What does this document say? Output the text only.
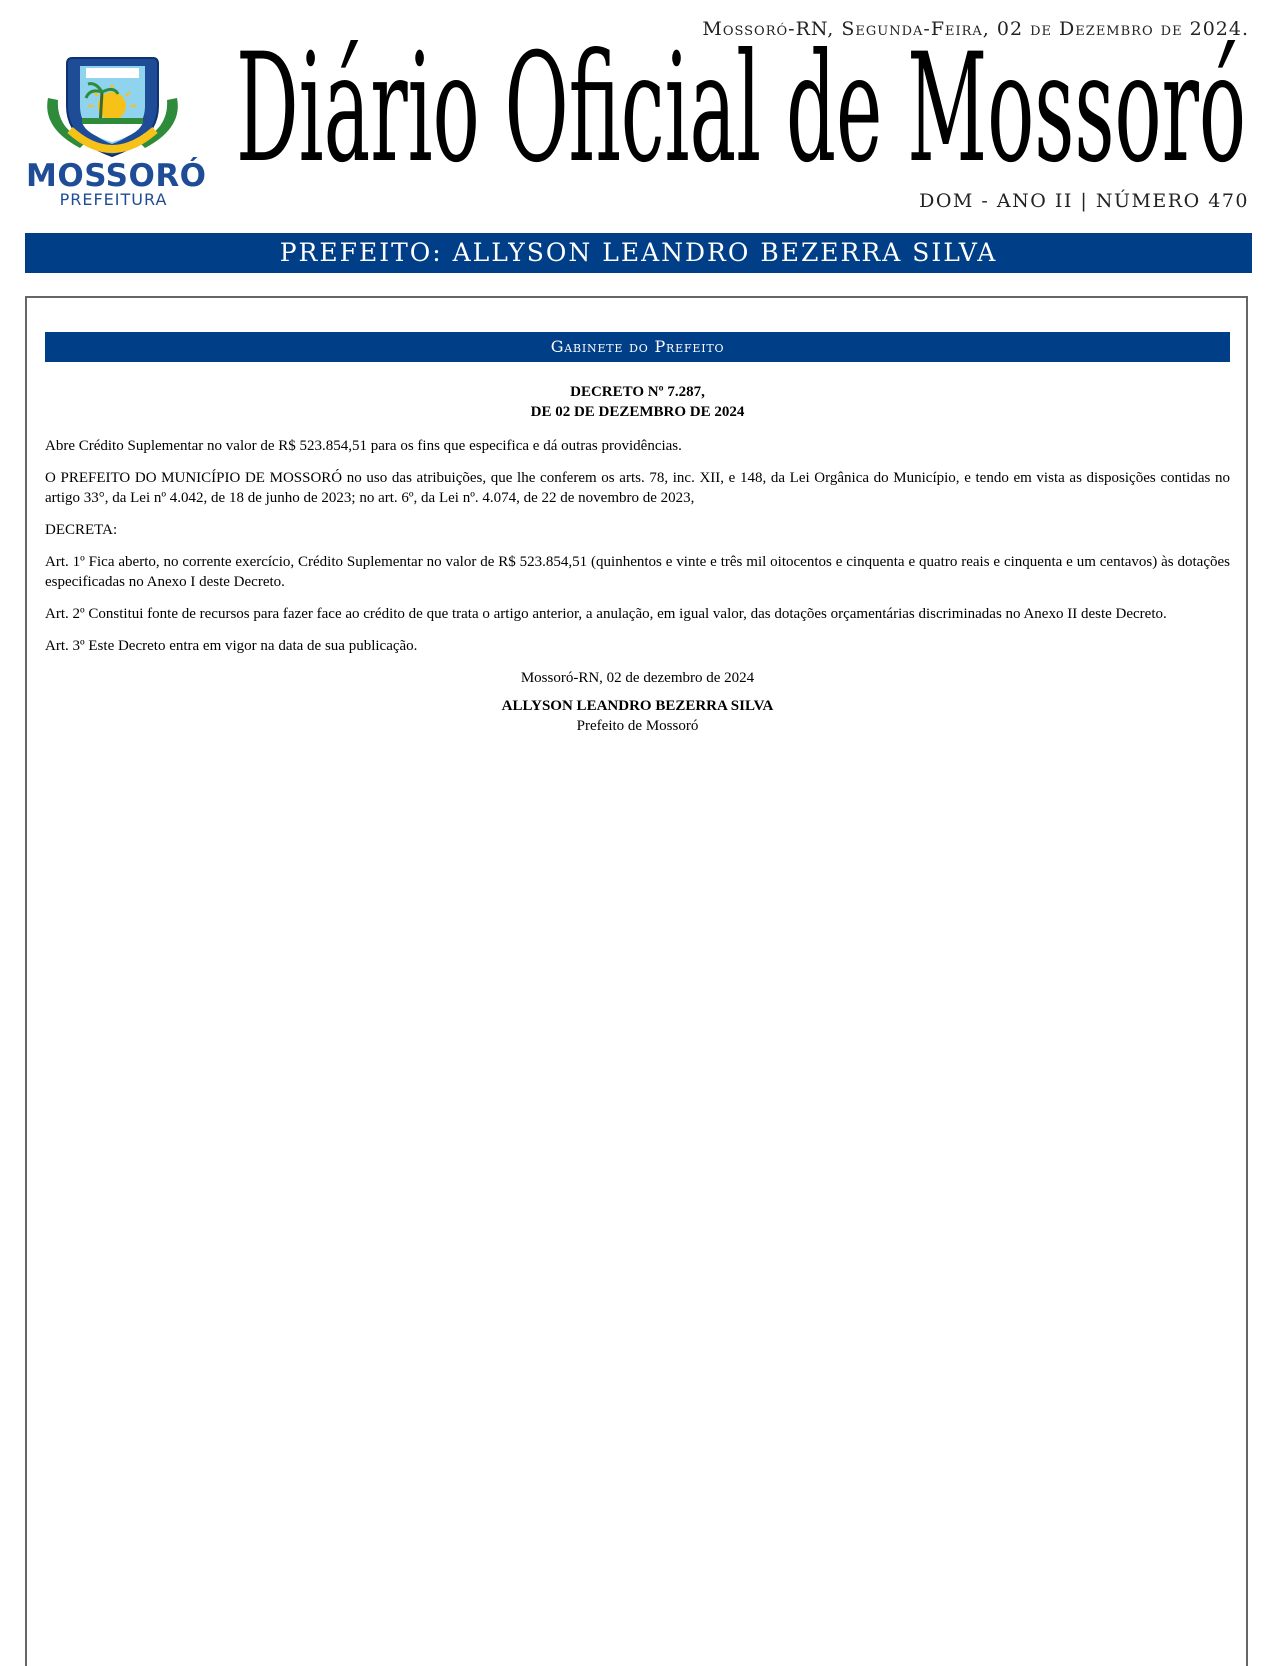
Mossoró-RN, Segunda-Feira, 02 de Dezembro de 2024.
MOSSORÓ
PREFEITURA
Diário Oficial de Mossoró
DOM - ANO II | NÚMERO 470
PREFEITO: ALLYSON LEANDRO BEZERRA SILVA
Gabinete do Prefeito
DECRETO Nº 7.287,
DE 02 DE DEZEMBRO DE 2024

Abre Crédito Suplementar no valor de R$ 523.854,51 para os fins que especifica e dá outras providências.

O PREFEITO DO MUNICÍPIO DE MOSSORÓ no uso das atribuições, que lhe conferem os arts. 78, inc. XII, e 148, da Lei Orgânica do Município, e tendo em vista as disposições contidas no artigo 33°, da Lei nº 4.042, de 18 de junho de 2023; no art. 6º, da Lei nº. 4.074, de 22 de novembro de 2023,

DECRETA:

Art. 1º Fica aberto, no corrente exercício, Crédito Suplementar no valor de R$ 523.854,51 (quinhentos e vinte e três mil oitocentos e cinquenta e quatro reais e cinquenta e um centavos) às dotações especificadas no Anexo I deste Decreto.

Art. 2º Constitui fonte de recursos para fazer face ao crédito de que trata o artigo anterior, a anulação, em igual valor, das dotações orçamentárias discriminadas no Anexo II deste Decreto.

Art. 3º Este Decreto entra em vigor na data de sua publicação.

Mossoró-RN, 02 de dezembro de 2024
ALLYSON LEANDRO BEZERRA SILVA
Prefeito de Mossoró
